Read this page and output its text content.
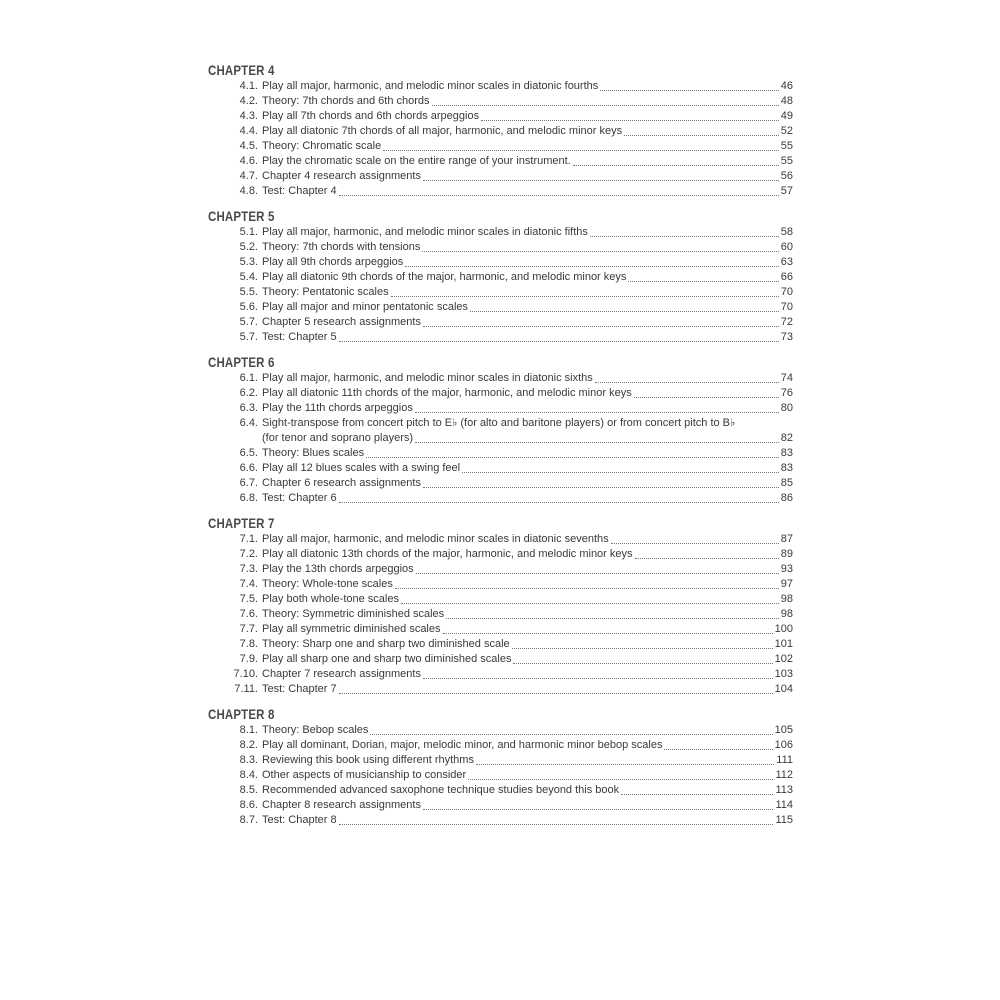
CHAPTER 4
4.1. Play all major, harmonic, and melodic minor scales in diatonic fourths	46
4.2. Theory: 7th chords and 6th chords	48
4.3. Play all 7th chords and 6th chords arpeggios	49
4.4. Play all diatonic 7th chords of all major, harmonic, and melodic minor keys	52
4.5. Theory: Chromatic scale	55
4.6. Play the chromatic scale on the entire range of your instrument.	55
4.7. Chapter 4 research assignments	56
4.8. Test: Chapter 4	57
CHAPTER 5
5.1. Play all major, harmonic, and melodic minor scales in diatonic fifths	58
5.2. Theory: 7th chords with tensions	60
5.3. Play all 9th chords arpeggios	63
5.4. Play all diatonic 9th chords of the major, harmonic, and melodic minor keys	66
5.5. Theory: Pentatonic scales	70
5.6. Play all major and minor pentatonic scales	70
5.7. Chapter 5 research assignments	72
5.7. Test: Chapter 5	73
CHAPTER 6
6.1. Play all major, harmonic, and melodic minor scales in diatonic sixths	74
6.2. Play all diatonic 11th chords of the major, harmonic, and melodic minor keys	76
6.3. Play the 11th chords arpeggios	80
6.4. Sight-transpose from concert pitch to E♭ (for alto and baritone players) or from concert pitch to B♭
(for tenor and soprano players)	82
6.5. Theory: Blues scales	83
6.6. Play all 12 blues scales with a swing feel	83
6.7. Chapter 6 research assignments	85
6.8. Test: Chapter 6	86
CHAPTER 7
7.1. Play all major, harmonic, and melodic minor scales in diatonic sevenths	87
7.2. Play all diatonic 13th chords of the major, harmonic, and melodic minor keys	89
7.3. Play the 13th chords arpeggios	93
7.4. Theory: Whole-tone scales	97
7.5. Play both whole-tone scales	98
7.6. Theory: Symmetric diminished scales	98
7.7. Play all symmetric diminished scales	100
7.8. Theory: Sharp one and sharp two diminished scale	101
7.9. Play all sharp one and sharp two diminished scales	102
7.10. Chapter 7 research assignments	103
7.11. Test: Chapter 7	104
CHAPTER 8
8.1. Theory: Bebop scales	105
8.2. Play all dominant, Dorian, major, melodic minor, and harmonic minor bebop scales	106
8.3. Reviewing this book using different rhythms	111
8.4. Other aspects of musicianship to consider	112
8.5. Recommended advanced saxophone technique studies beyond this book	113
8.6. Chapter 8 research assignments	114
8.7. Test: Chapter 8	115
